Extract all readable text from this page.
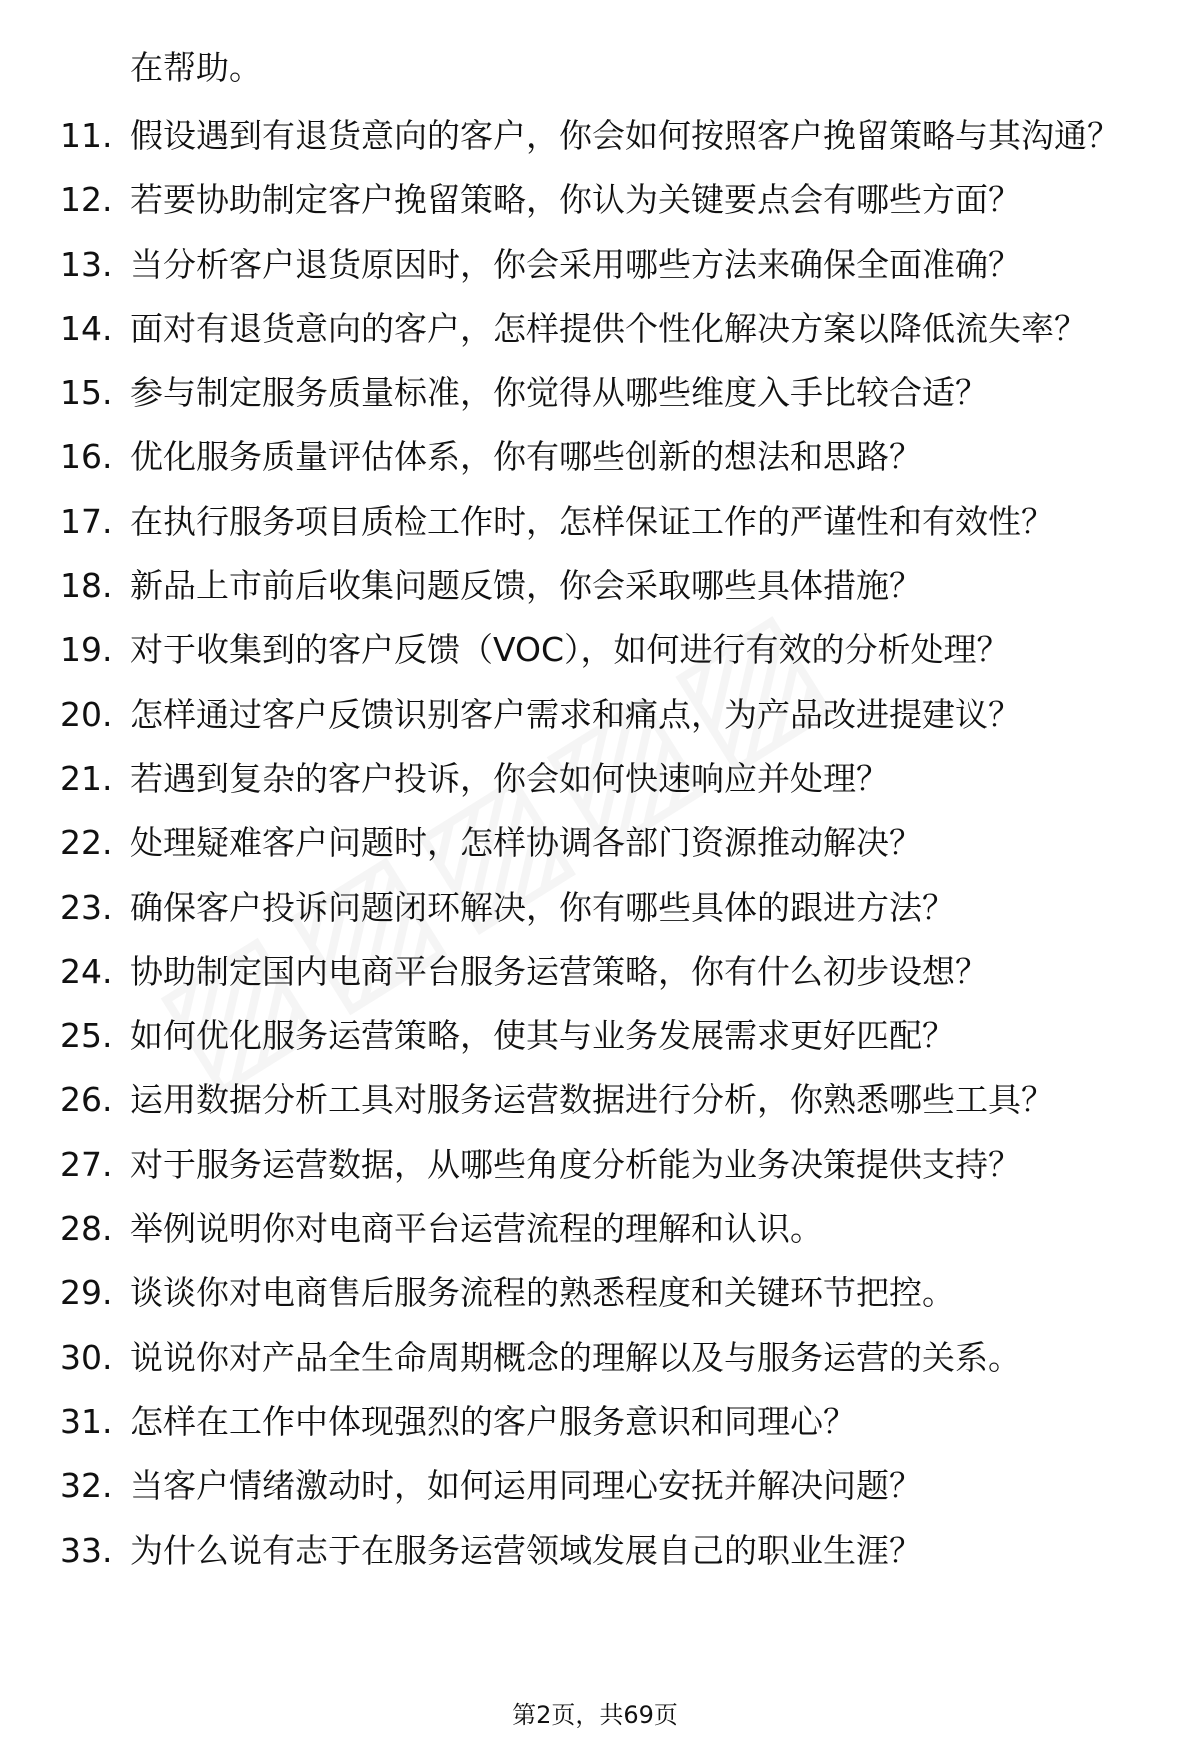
在帮助。
11. 假设遇到有退货意向的客户，你会如何按照客户挽留策略与其沟通？
12. 若要协助制定客户挽留策略，你认为关键要点会有哪些方面？
13. 当分析客户退货原因时，你会采用哪些方法来确保全面准确？
14. 面对有退货意向的客户，怎样提供个性化解决方案以降低流失率？
15. 参与制定服务质量标准，你觉得从哪些维度入手比较合适？
16. 优化服务质量评估体系，你有哪些创新的想法和思路？
17. 在执行服务项目质检工作时，怎样保证工作的严谨性和有效性？
18. 新品上市前后收集问题反馈，你会采取哪些具体措施？
19. 对于收集到的客户反馈（VOC），如何进行有效的分析处理？
20. 怎样通过客户反馈识别客户需求和痛点，为产品改进提建议？
21. 若遇到复杂的客户投诉，你会如何快速响应并处理？
22. 处理疑难客户问题时，怎样协调各部门资源推动解决？
23. 确保客户投诉问题闭环解决，你有哪些具体的跟进方法？
24. 协助制定国内电商平台服务运营策略，你有什么初步设想？
25. 如何优化服务运营策略，使其与业务发展需求更好匹配？
26. 运用数据分析工具对服务运营数据进行分析，你熟悉哪些工具？
27. 对于服务运营数据，从哪些角度分析能为业务决策提供支持？
28. 举例说明你对电商平台运营流程的理解和认识。
29. 谈谈你对电商售后服务流程的熟悉程度和关键环节把控。
30. 说说你对产品全生命周期概念的理解以及与服务运营的关系。
31. 怎样在工作中体现强烈的客户服务意识和同理心？
32. 当客户情绪激动时，如何运用同理心安抚并解决问题？
33. 为什么说有志于在服务运营领域发展自己的职业生涯？
第2页，共69页
